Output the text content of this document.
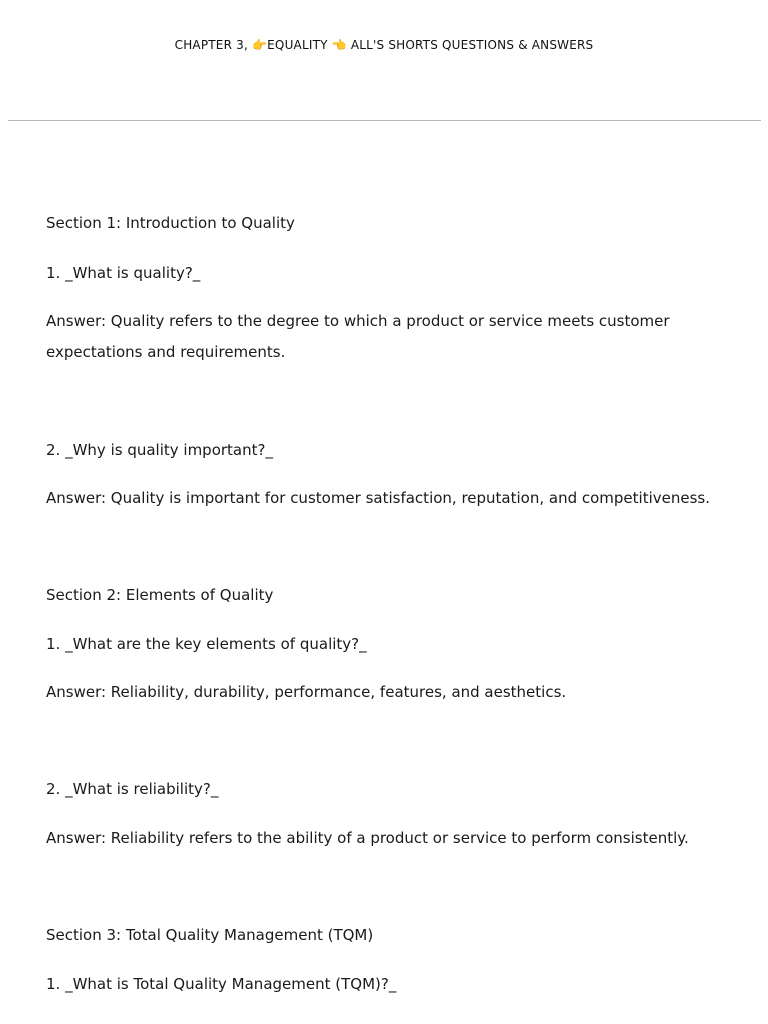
CHAPTER 3, 👉EQUALITY 👈 ALL'S SHORTS QUESTIONS & ANSWERS
Section 1: Introduction to Quality
1. _What is quality?_
Answer: Quality refers to the degree to which a product or service meets customer
expectations and requirements.
2. _Why is quality important?_
Answer: Quality is important for customer satisfaction, reputation, and competitiveness.
Section 2: Elements of Quality
1. _What are the key elements of quality?_
Answer: Reliability, durability, performance, features, and aesthetics.
2. _What is reliability?_
Answer: Reliability refers to the ability of a product or service to perform consistently.
Section 3: Total Quality Management (TQM)
1. _What is Total Quality Management (TQM)?_
